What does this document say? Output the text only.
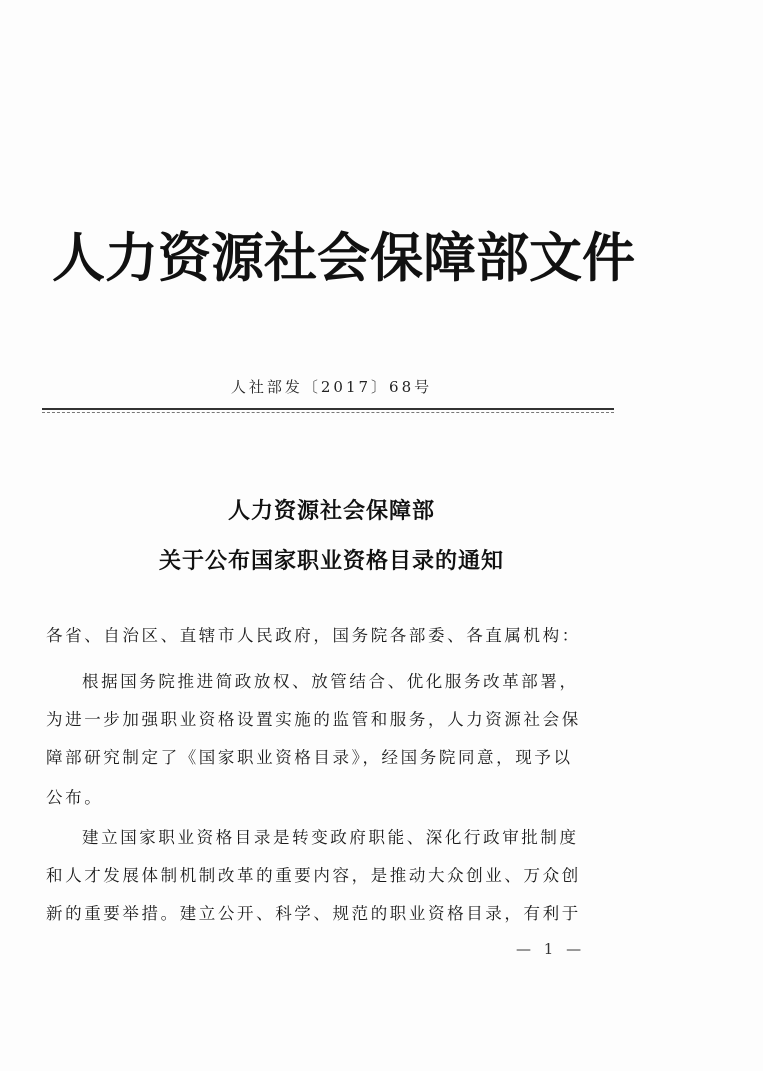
人力资源社会保障部文件
人社部发〔2017〕68号
人力资源社会保障部
关于公布国家职业资格目录的通知
各省、自治区、直辖市人民政府，国务院各部委、各直属机构：
根据国务院推进简政放权、放管结合、优化服务改革部署，
为进一步加强职业资格设置实施的监管和服务，人力资源社会保
障部研究制定了《国家职业资格目录》，经国务院同意，现予以
公布。
建立国家职业资格目录是转变政府职能、深化行政审批制度
和人才发展体制机制改革的重要内容，是推动大众创业、万众创
新的重要举措。建立公开、科学、规范的职业资格目录，有利于
— 1 —
